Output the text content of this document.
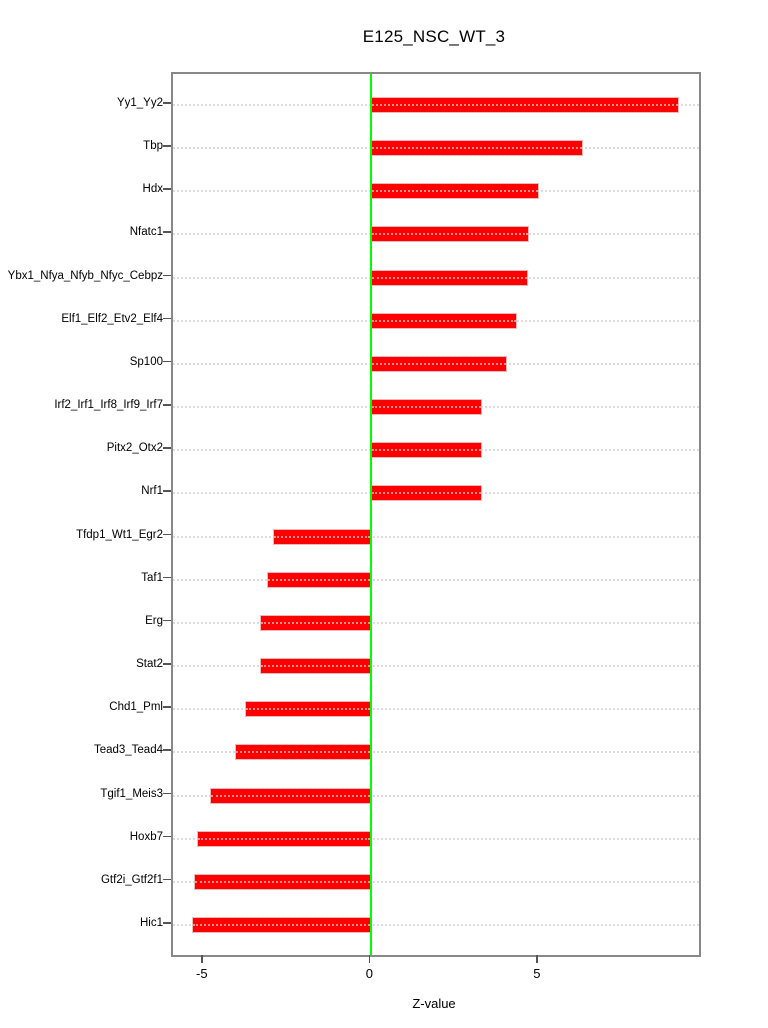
E125_NSC_WT_3
Yy1_Yy2
Tbp
Hdx
Nfatc1
Ybx1_Nfya_Nfyb_Nfyc_Cebpz
Elf1_Elf2_Etv2_Elf4
Sp100
Irf2_Irf1_Irf8_Irf9_Irf7
Pitx2_Otx2
Nrf1
Tfdp1_Wt1_Egr2
Taf1
Erg
Stat2
Chd1_Pml
Tead3_Tead4
Tgif1_Meis3
Hoxb7
Gtf2i_Gtf2f1
Hic1
-5	0	5
Z-value
